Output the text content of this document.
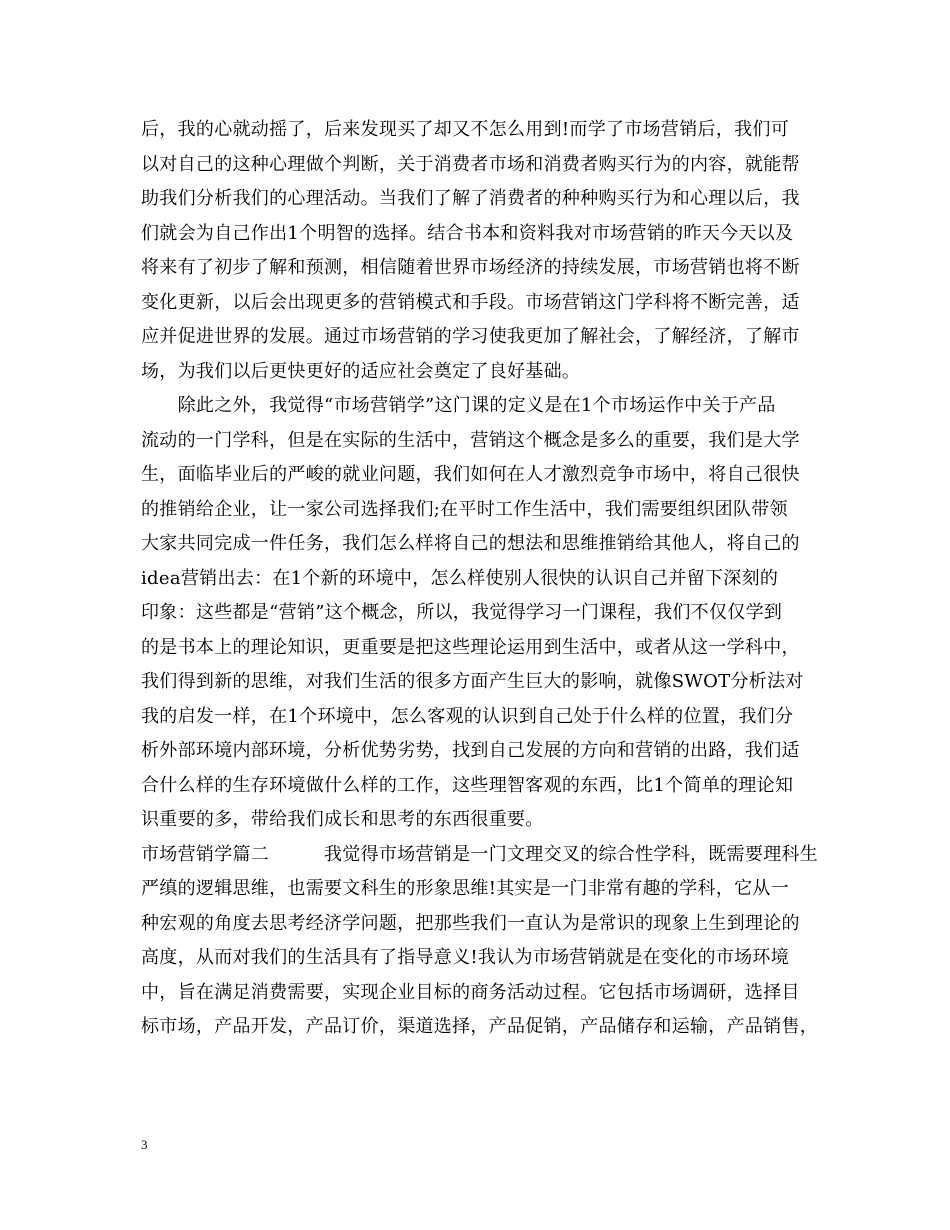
后，我的心就动摇了，后来发现买了却又不怎么用到!而学了市场营销后，我们可
以对自己的这种心理做个判断，关于消费者市场和消费者购买行为的内容，就能帮
助我们分析我们的心理活动。当我们了解了消费者的种种购买行为和心理以后，我
们就会为自己作出1个明智的选择。结合书本和资料我对市场营销的昨天今天以及
将来有了初步了解和预测，相信随着世界市场经济的持续发展，市场营销也将不断
变化更新，以后会出现更多的营销模式和手段。市场营销这门学科将不断完善，适
应并促进世界的发展。通过市场营销的学习使我更加了解社会，了解经济，了解市
场，为我们以后更快更好的适应社会奠定了良好基础。
　　除此之外，我觉得“市场营销学”这门课的定义是在1个市场运作中关于产品
流动的一门学科，但是在实际的生活中，营销这个概念是多么的重要，我们是大学
生，面临毕业后的严峻的就业问题，我们如何在人才激烈竞争市场中，将自己很快
的推销给企业，让一家公司选择我们;在平时工作生活中，我们需要组织团队带领
大家共同完成一件任务，我们怎么样将自己的想法和思维推销给其他人，将自己的
idea营销出去：在1个新的环境中，怎么样使别人很快的认识自己并留下深刻的
印象：这些都是“营销”这个概念，所以，我觉得学习一门课程，我们不仅仅学到
的是书本上的理论知识，更重要是把这些理论运用到生活中，或者从这一学科中，
我们得到新的思维，对我们生活的很多方面产生巨大的影响，就像SWOT分析法对
我的启发一样，在1个环境中，怎么客观的认识到自己处于什么样的位置，我们分
析外部环境内部环境，分析优势劣势，找到自己发展的方向和营销的出路，我们适
合什么样的生存环境做什么样的工作，这些理智客观的东西，比1个简单的理论知
识重要的多，带给我们成长和思考的东西很重要。
市场营销学篇二　　　我觉得市场营销是一门文理交叉的综合性学科，既需要理科生
严缜的逻辑思维，也需要文科生的形象思维!其实是一门非常有趣的学科，它从一
种宏观的角度去思考经济学问题，把那些我们一直认为是常识的现象上生到理论的
高度，从而对我们的生活具有了指导意义!我认为市场营销就是在变化的市场环境
中，旨在满足消费需要，实现企业目标的商务活动过程。它包括市场调研，选择目
标市场，产品开发，产品订价，渠道选择，产品促销，产品储存和运输，产品销售，
3
